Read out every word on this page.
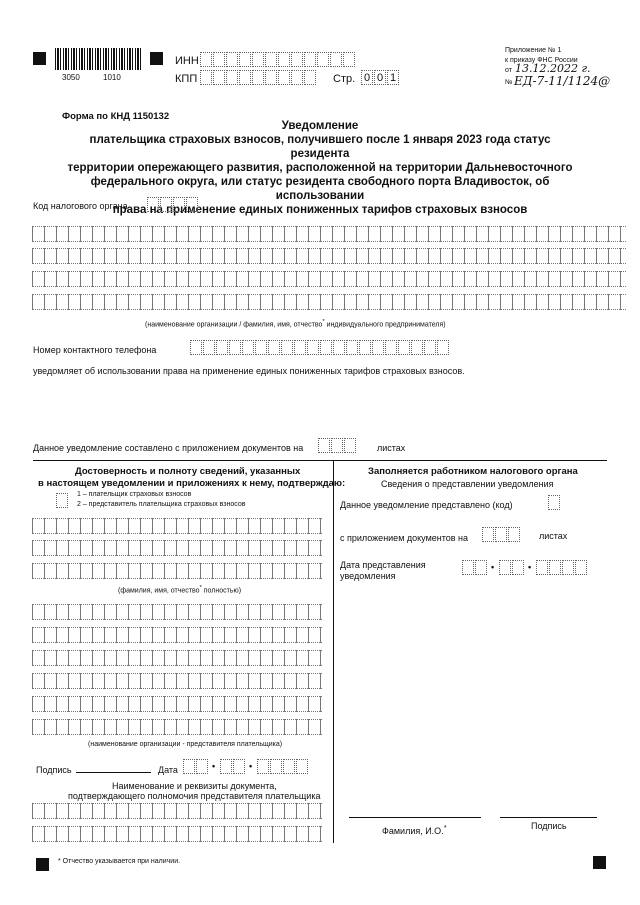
3050	1010
ИНН
КПП	Стр. 0 0 1
Приложение № 1
к приказу ФНС России
от 13.12.2022 г.
№ ЕД-7-11/1124@
Форма по КНД 1150132
Уведомление
плательщика страховых взносов, получившего после 1 января 2023 года статус резидента
территории опережающего развития, расположенной на территории Дальневосточного
федерального округа, или статус резидента свободного порта Владивосток, об использовании
права на применение единых пониженных тарифов страховых взносов
Код налогового органа
(наименование организации / фамилия, имя, отчество* индивидуального предпринимателя)
Номер контактного телефона
уведомляет об использовании права на применение единых пониженных тарифов страховых взносов.
Данное уведомление составлено с приложением документов на	листах
Достоверность и полноту сведений, указанных
в настоящем уведомлении и приложениях к нему, подтверждаю:
1 – плательщик страховых взносов
2 – представитель плательщика страховых взносов
(фамилия, имя, отчество* полностью)
(наименование организации - представителя плательщика)
Подпись	Дата	•	•
Наименование и реквизиты документа,
подтверждающего полномочия представителя плательщика
Заполняется работником налогового органа
Сведения о представлении уведомления
Данное уведомление представлено (код)
с приложением документов на	листах
Дата представления
уведомления
•	•
Фамилия, И.О.*	Подпись
* Отчество указывается при наличии.
